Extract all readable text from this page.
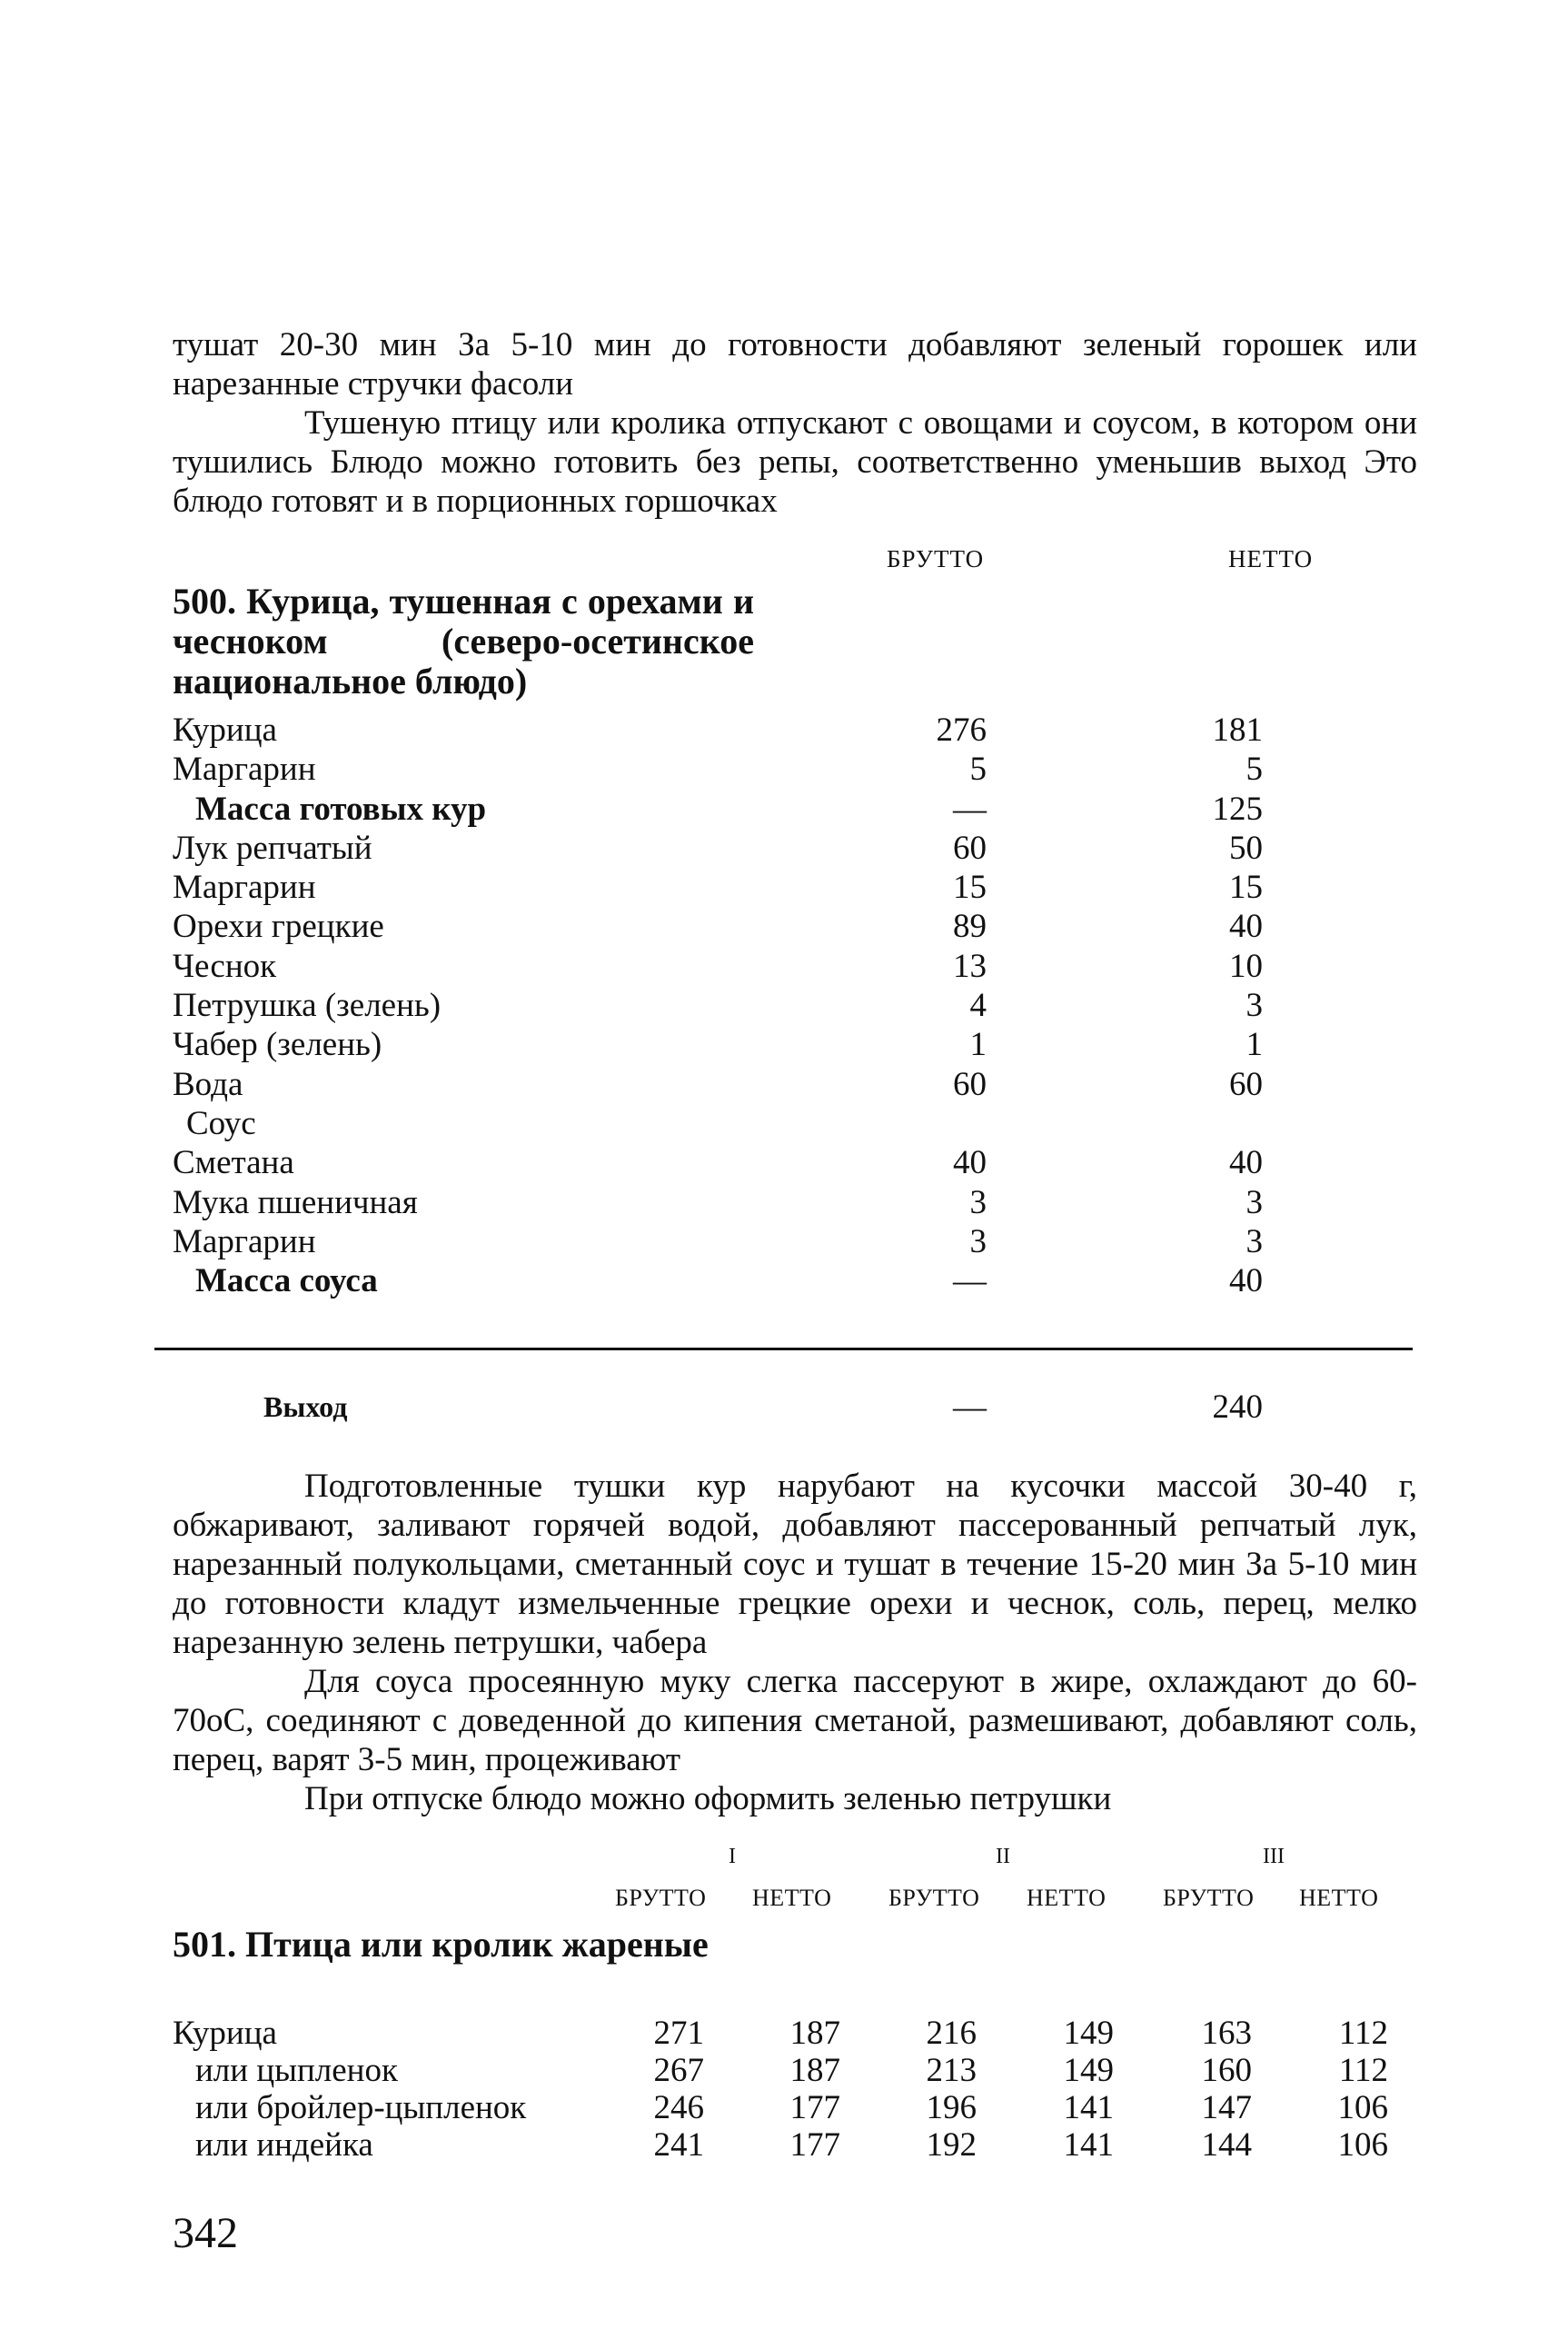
тушат 20-30 мин За 5-10 мин до готовности добавляют зеленый горошек или нарезанные стручки фасоли

Тушеную птицу или кролика отпускают с овощами и соусом, в котором они тушились Блюдо можно готовить без репы, соответственно уменьшив выход Это блюдо готовят и в порционных горшочках

БРУТТО	НЕТТО
500. Курица, тушенная с орехами и чесноком (северо-осетинское национальное блюдо)
Курица	276	181
Маргарин	5	5
Масса готовых кур	—	125
Лук репчатый	60	50
Маргарин	15	15
Орехи грецкие	89	40
Чеснок	13	10
Петрушка (зелень)	4	3
Чабер (зелень)	1	1
Вода	60	60
Соус
Сметана	40	40
Мука пшеничная	3	3
Маргарин	3	3
Масса соуса	—	40
Выход	—	240

Подготовленные тушки кур нарубают на кусочки массой 30-40 г, обжаривают, заливают горячей водой, добавляют пассерованный репчатый лук, нарезанный полукольцами, сметанный соус и тушат в течение 15-20 мин За 5-10 мин до готовности кладут измельченные грецкие орехи и чеснок, соль, перец, мелко нарезанную зелень петрушки, чабера

Для соуса просеянную муку слегка пассеруют в жире, охлаждают до 60-70оС, соединяют с доведенной до кипения сметаной, размешивают, добавляют соль, перец, варят 3-5 мин, процеживают

При отпуске блюдо можно оформить зеленью петрушки

I	II	III
БРУТТО НЕТТО БРУТТО НЕТТО БРУТТО НЕТТО
501. Птица или кролик жареные
Курица	271	187	216	149	163	112
или цыпленок	267	187	213	149	160	112
или бройлер-цыпленок	246	177	196	141	147	106
или индейка	241	177	192	141	144	106
342
